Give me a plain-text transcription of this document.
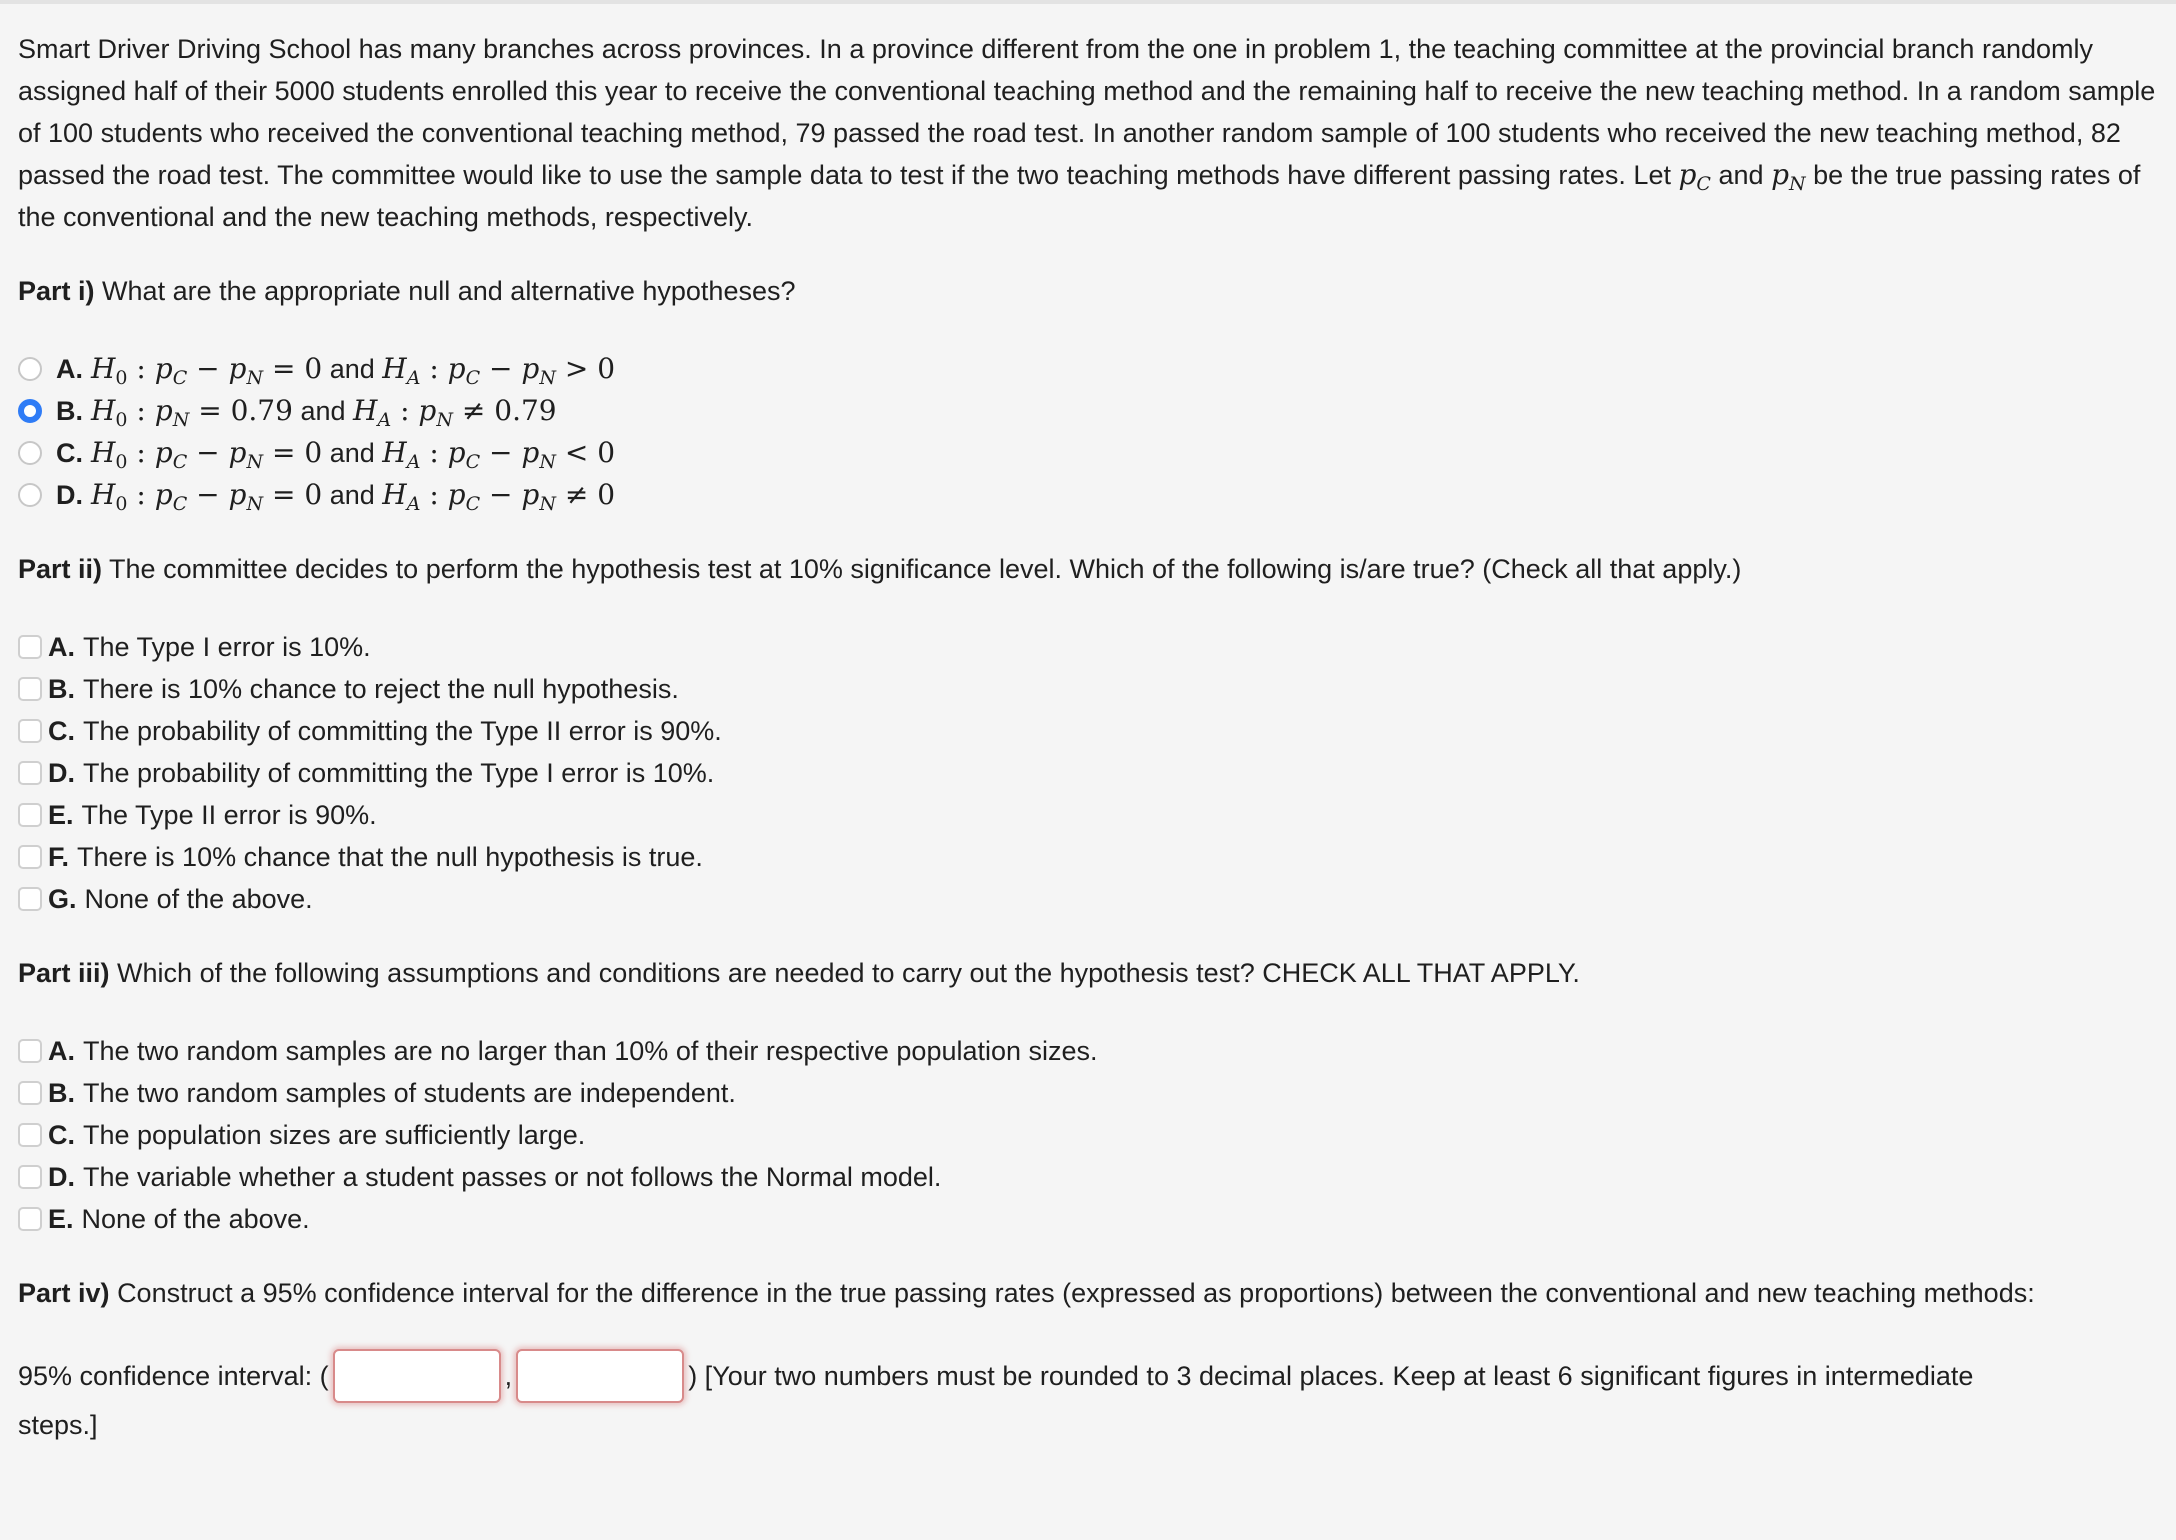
Smart Driver Driving School has many branches across provinces. In a province different from the one in problem 1, the teaching committee at the provincial branch randomly assigned half of their 5000 students enrolled this year to receive the conventional teaching method and the remaining half to receive the new teaching method. In a random sample of 100 students who received the conventional teaching method, 79 passed the road test. In another random sample of 100 students who received the new teaching method, 82 passed the road test. The committee would like to use the sample data to test if the two teaching methods have different passing rates. Let $p_C$ and $p_N$ be the true passing rates of the conventional and the new teaching methods, respectively.

Part i) What are the appropriate null and alternative hypotheses?

A. $H_0$ : $p_C - p_N = 0$
and
$H_A$ : $p_C - p_N > 0$
B. $H_0$ : $p_N = 0.79$
and
$H_A$ : $p_N \ne 0.79$
C. $H_0$ : $p_C - p_N = 0$
and
$H_A$ : $p_C - p_N < 0$
D. $H_0$ : $p_C - p_N = 0$
and
$H_A$ : $p_C - p_N \ne 0$

Part ii) The committee decides to perform the hypothesis test at 10% significance level. Which of the following is/are true? (Check all that apply.)

A. The Type I error is 10%.
B. There is 10% chance to reject the null hypothesis.
C. The probability of committing the Type II error is 90%.
D. The probability of committing the Type I error is 10%.
E. The Type II error is 90%.
F. There is 10% chance that the null hypothesis is true.
G. None of the above.

Part iii) Which of the following assumptions and conditions are needed to carry out the hypothesis test? CHECK ALL THAT APPLY.

A. The two random samples are no larger than 10% of their respective population sizes.
B. The two random samples of students are independent.
C. The population sizes are sufficiently large.
D. The variable whether a student passes or not follows the Normal model.
E. None of the above.

Part iv) Construct a 95% confidence interval for the difference in the true passing rates (expressed as proportions) between the conventional and new teaching methods:

95% confidence interval: (	,	) [Your two numbers must be rounded to 3 decimal places. Keep at least 6 significant figures in intermediate

steps.]
